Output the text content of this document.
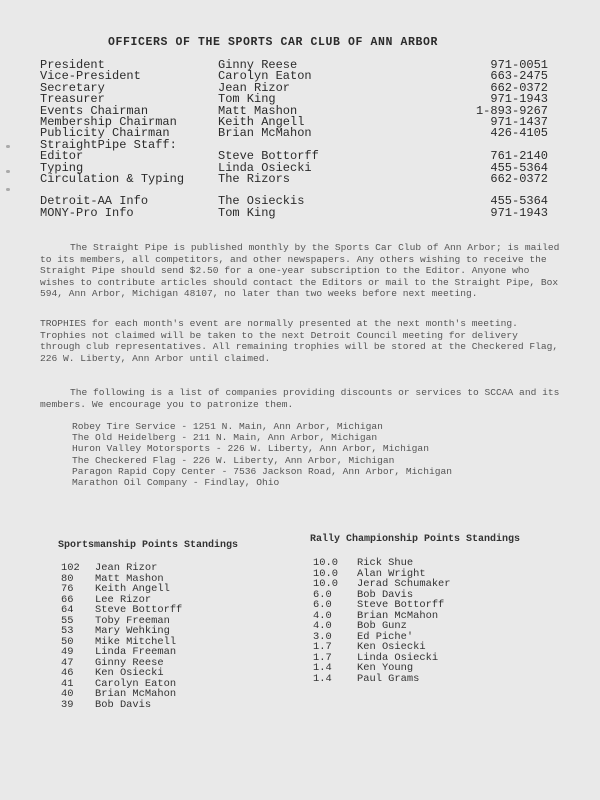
OFFICERS OF THE SPORTS CAR CLUB OF ANN ARBOR
President	Ginny Reese	971-0051
Vice-President	Carolyn Eaton	663-2475
Secretary	Jean Rizor	662-0372
Treasurer	Tom King	971-1943
Events Chairman	Matt Mashon	1-893-9267
Membership Chairman	Keith Angell	971-1437
Publicity Chairman	Brian McMahon	426-4105
StraightPipe Staff:
Editor	Steve Bottorff	761-2140
Typing	Linda Osiecki	455-5364
Circulation & Typing	The Rizors	662-0372
Detroit-AA Info	The Osieckis	455-5364
MONY-Pro Info	Tom King	971-1943

The Straight Pipe is published monthly by the Sports Car Club of Ann Arbor; is mailed to its members, all competitors, and other newspapers. Any others wishing to receive the Straight Pipe should send $2.50 for a one-year subscription to the Editor. Anyone who wishes to contribute articles should contact the Editors or mail to the Straight Pipe, Box 594, Ann Arbor, Michigan 48107, no later than two weeks before next meeting.

TROPHIES for each month's event are normally presented at the next month's meeting. Trophies not claimed will be taken to the next Detroit Council meeting for delivery through club representatives. All remaining trophies will be stored at the Checkered Flag, 226 W. Liberty, Ann Arbor until claimed.

The following is a list of companies providing discounts or services to SCCAA and its members. We encourage you to patronize them.

Robey Tire Service - 1251 N. Main, Ann Arbor, Michigan
The Old Heidelberg - 211 N. Main, Ann Arbor, Michigan
Huron Valley Motorsports - 226 W. Liberty, Ann Arbor, Michigan
The Checkered Flag - 226 W. Liberty, Ann Arbor, Michigan
Paragon Rapid Copy Center - 7536 Jackson Road, Ann Arbor, Michigan
Marathon Oil Company - Findlay, Ohio
Sportsmanship Points Standings
102 Jean Rizor
80 Matt Mashon
76 Keith Angell
66 Lee Rizor
64 Steve Bottorff
55 Toby Freeman
53 Mary Wehking
50 Mike Mitchell
49 Linda Freeman
47 Ginny Reese
46 Ken Osiecki
41 Carolyn Eaton
40 Brian McMahon
39 Bob Davis
Rally Championship Points Standings
10.0 Rick Shue
10.0 Alan Wright
10.0 Jerad Schumaker
6.0 Bob Davis
6.0 Steve Bottorff
4.0 Brian McMahon
4.0 Bob Gunz
3.0 Ed Piche'
1.7 Ken Osiecki
1.7 Linda Osiecki
1.4 Ken Young
1.4 Paul Grams
